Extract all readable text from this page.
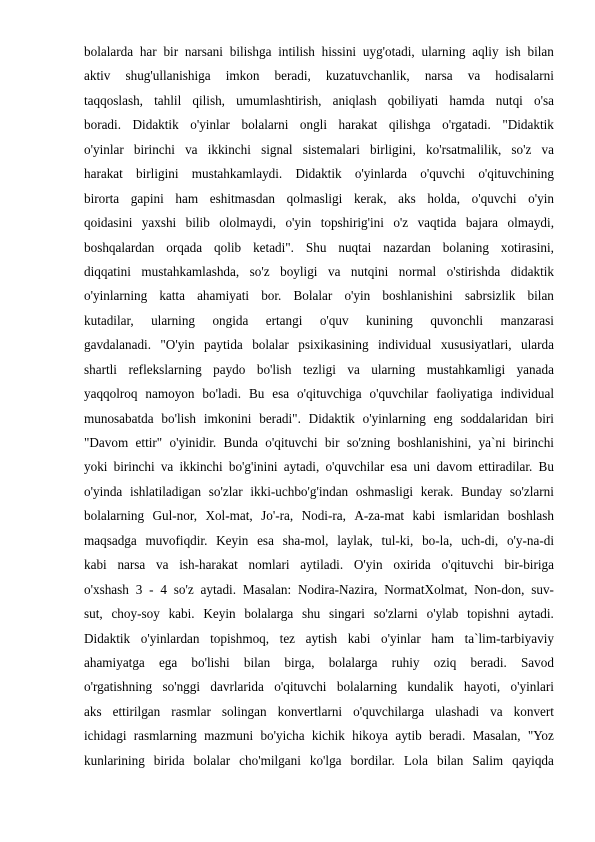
bolalarda har bir narsani bilishga intilish hissini uyg'otadi, ularning aqliy ish bilan
aktiv shug'ullanishiga imkon beradi, kuzatuvchanlik, narsa va hodisalarni
taqqoslash, tahlil qilish, umumlashtirish, aniqlash qobiliyati hamda nutqi o'sa
boradi. Didaktik o'yinlar bolalarni ongli harakat qilishga o'rgatadi. "Didaktik
o'yinlar birinchi va ikkinchi signal sistemalari birligini, ko'rsatmalilik, so'z va
harakat birligini mustahkamlaydi. Didaktik o'yinlarda o'quvchi o'qituvchining
birorta gapini ham eshitmasdan qolmasligi kerak, aks holda, o'quvchi o'yin
qoidasini yaxshi bilib ololmaydi, o'yin topshirig'ini o'z vaqtida bajara olmaydi,
boshqalardan orqada qolib ketadi". Shu nuqtai nazardan bolaning xotirasini,
diqqatini mustahkamlashda, so'z boyligi va nutqini normal o'stirishda didaktik
o'yinlarning katta ahamiyati bor. Bolalar o'yin boshlanishini sabrsizlik bilan
kutadilar, ularning ongida ertangi o'quv kunining quvonchli manzarasi
gavdalanadi. "O'yin paytida bolalar psixikasining individual xususiyatlari, ularda
shartli reflekslarning paydo bo'lish tezligi va ularning mustahkamligi yanada
yaqqolroq namoyon bo'ladi. Bu esa o'qituvchiga o'quvchilar faoliyatiga individual
munosabatda bo'lish imkonini beradi". Didaktik o'yinlarning eng soddalaridan biri
"Davom ettir" o'yinidir. Bunda o'qituvchi bir so'zning boshlanishini, ya`ni birinchi
yoki birinchi va ikkinchi bo'g'inini aytadi, o'quvchilar esa uni davom ettiradilar. Bu
o'yinda ishlatiladigan so'zlar ikki-uchbo'g'indan oshmasligi kerak. Bunday so'zlarni
bolalarning Gul-nor, Xol-mat, Jo'-ra, Nodi-ra, A-za-mat kabi ismlaridan boshlash
maqsadga muvofiqdir. Keyin esa sha-mol, laylak, tul-ki, bo-la, uch-di, o'y-na-di
kabi narsa va ish-harakat nomlari aytiladi. O'yin oxirida o'qituvchi bir-biriga
o'xshash 3 - 4 so'z aytadi. Masalan: Nodira-Nazira, NormatXolmat, Non-don, suv-
sut, choy-soy kabi. Keyin bolalarga shu singari so'zlarni o'ylab topishni aytadi.
Didaktik o'yinlardan topishmoq, tez aytish kabi o'yinlar ham ta`lim-tarbiyaviy
ahamiyatga ega bo'lishi bilan birga, bolalarga ruhiy oziq beradi. Savod
o'rgatishning so'nggi davrlarida o'qituvchi bolalarning kundalik hayoti, o'yinlari
aks ettirilgan rasmlar solingan konvertlarni o'quvchilarga ulashadi va konvert
ichidagi rasmlarning mazmuni bo'yicha kichik hikoya aytib beradi. Masalan, "Yoz
kunlarining birida bolalar cho'milgani ko'lga bordilar. Lola bilan Salim qayiqda
